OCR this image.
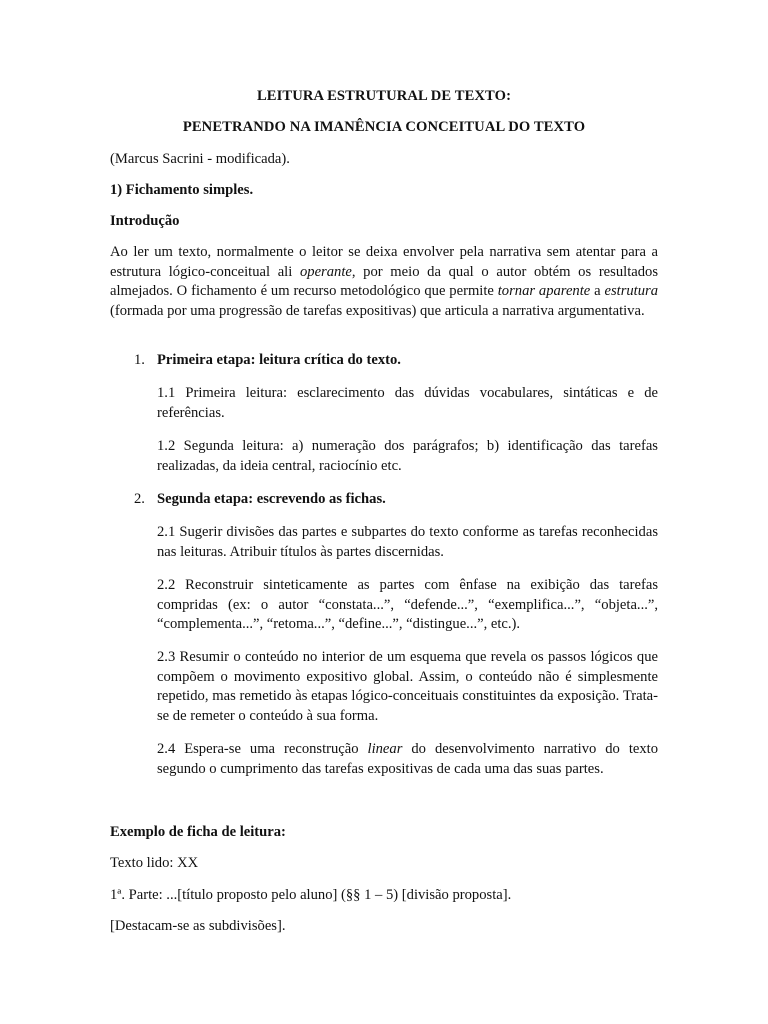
LEITURA ESTRUTURAL DE TEXTO:
PENETRANDO NA IMANÊNCIA CONCEITUAL DO TEXTO

(Marcus Sacrini - modificada).

1) Fichamento simples.

Introdução

Ao ler um texto, normalmente o leitor se deixa envolver pela narrativa sem atentar para a estrutura lógico-conceitual ali operante, por meio da qual o autor obtém os resultados almejados. O fichamento é um recurso metodológico que permite tornar aparente a estrutura (formada por uma progressão de tarefas expositivas) que articula a narrativa argumentativa.

1. Primeira etapa: leitura crítica do texto.

1.1 Primeira leitura: esclarecimento das dúvidas vocabulares, sintáticas e de referências.

1.2 Segunda leitura: a) numeração dos parágrafos; b) identificação das tarefas realizadas, da ideia central, raciocínio etc.

2. Segunda etapa: escrevendo as fichas.

2.1 Sugerir divisões das partes e subpartes do texto conforme as tarefas reconhecidas nas leituras. Atribuir títulos às partes discernidas.

2.2 Reconstruir sinteticamente as partes com ênfase na exibição das tarefas compridas (ex: o autor “constata...”, “defende...”, “exemplifica...”, “objeta...”, “complementa...”, “retoma...”, “define...”, “distingue...”, etc.).

2.3 Resumir o conteúdo no interior de um esquema que revela os passos lógicos que compõem o movimento expositivo global. Assim, o conteúdo não é simplesmente repetido, mas remetido às etapas lógico-conceituais constituintes da exposição. Trata-se de remeter o conteúdo à sua forma.

2.4 Espera-se uma reconstrução linear do desenvolvimento narrativo do texto segundo o cumprimento das tarefas expositivas de cada uma das suas partes.

Exemplo de ficha de leitura:

Texto lido: XX

1ª. Parte: ...[título proposto pelo aluno] (§§ 1 – 5) [divisão proposta].

[Destacam-se as subdivisões].
